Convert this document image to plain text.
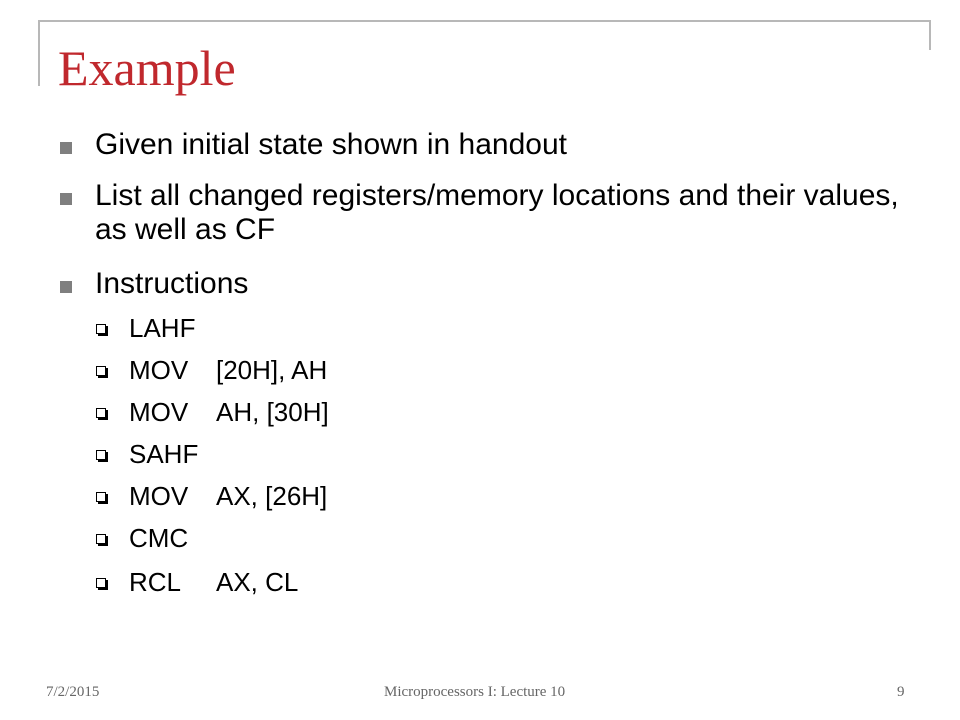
Example
Given initial state shown in handout
List all changed registers/memory locations and their values, as well as CF
Instructions
LAHF
MOV [20H], AH
MOV AH, [30H]
SAHF
MOV AX, [26H]
CMC
RCL AX, CL
7/2/2015	Microprocessors I: Lecture 10	9
